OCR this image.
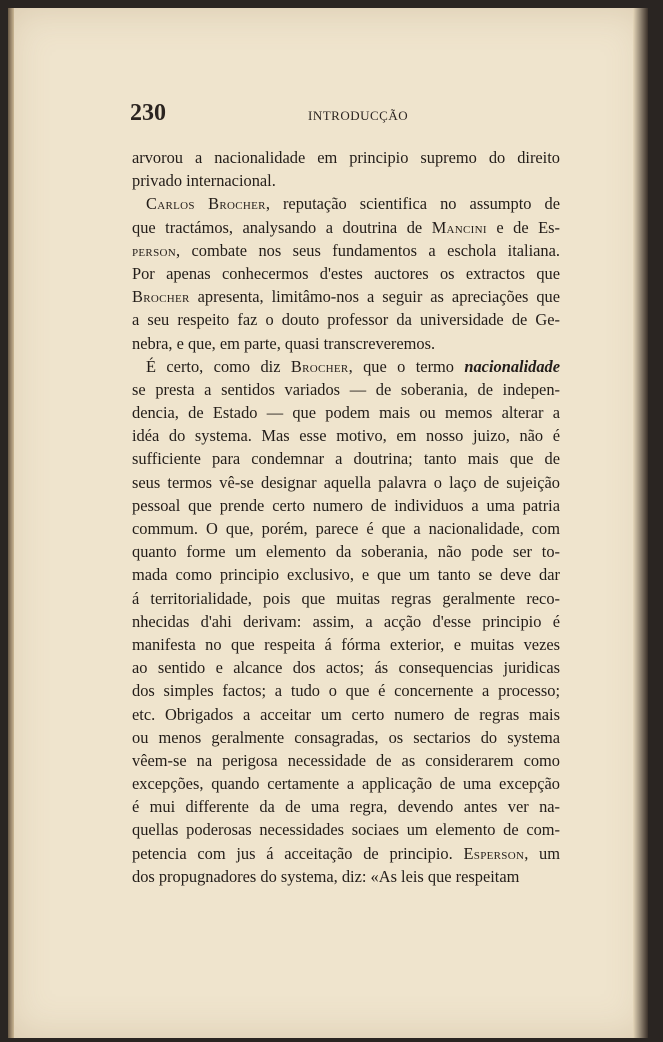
230	INTRODUCÇÃO
arvorou a nacionalidade em principio supremo do direito
privado internacional.
Carlos Brocher, reputação scientifica no assumpto de
que tractámos, analysando a doutrina de Mancini e de Es-
person, combate nos seus fundamentos a eschola italiana.
Por apenas conhecermos d'estes auctores os extractos que
Brocher apresenta, limitâmo-nos a seguir as apreciações que
a seu respeito faz o douto professor da universidade de Ge-
nebra, e que, em parte, quasi transcreveremos.
É certo, como diz Brocher, que o termo nacionalidade
se presta a sentidos variados — de soberania, de indepen-
dencia, de Estado — que podem mais ou memos alterar a
idéa do systema. Mas esse motivo, em nosso juizo, não é
sufficiente para condemnar a doutrina; tanto mais que de
seus termos vê-se designar aquella palavra o laço de sujeição
pessoal que prende certo numero de individuos a uma patria
commum. O que, porém, parece é que a nacionalidade, com
quanto forme um elemento da soberania, não pode ser to-
mada como principio exclusivo, e que um tanto se deve dar
á territorialidade, pois que muitas regras geralmente reco-
nhecidas d'ahi derivam: assim, a acção d'esse principio é
manifesta no que respeita á fórma exterior, e muitas vezes
ao sentido e alcance dos actos; ás consequencias juridicas
dos simples factos; a tudo o que é concernente a processo;
etc. Obrigados a acceitar um certo numero de regras mais
ou menos geralmente consagradas, os sectarios do systema
vêem-se na perigosa necessidade de as considerarem como
excepções, quando certamente a applicação de uma excepção
é mui differente da de uma regra, devendo antes ver na-
quellas poderosas necessidades sociaes um elemento de com-
petencia com jus á acceitação de principio. Esperson, um
dos propugnadores do systema, diz: «As leis que respeitam
